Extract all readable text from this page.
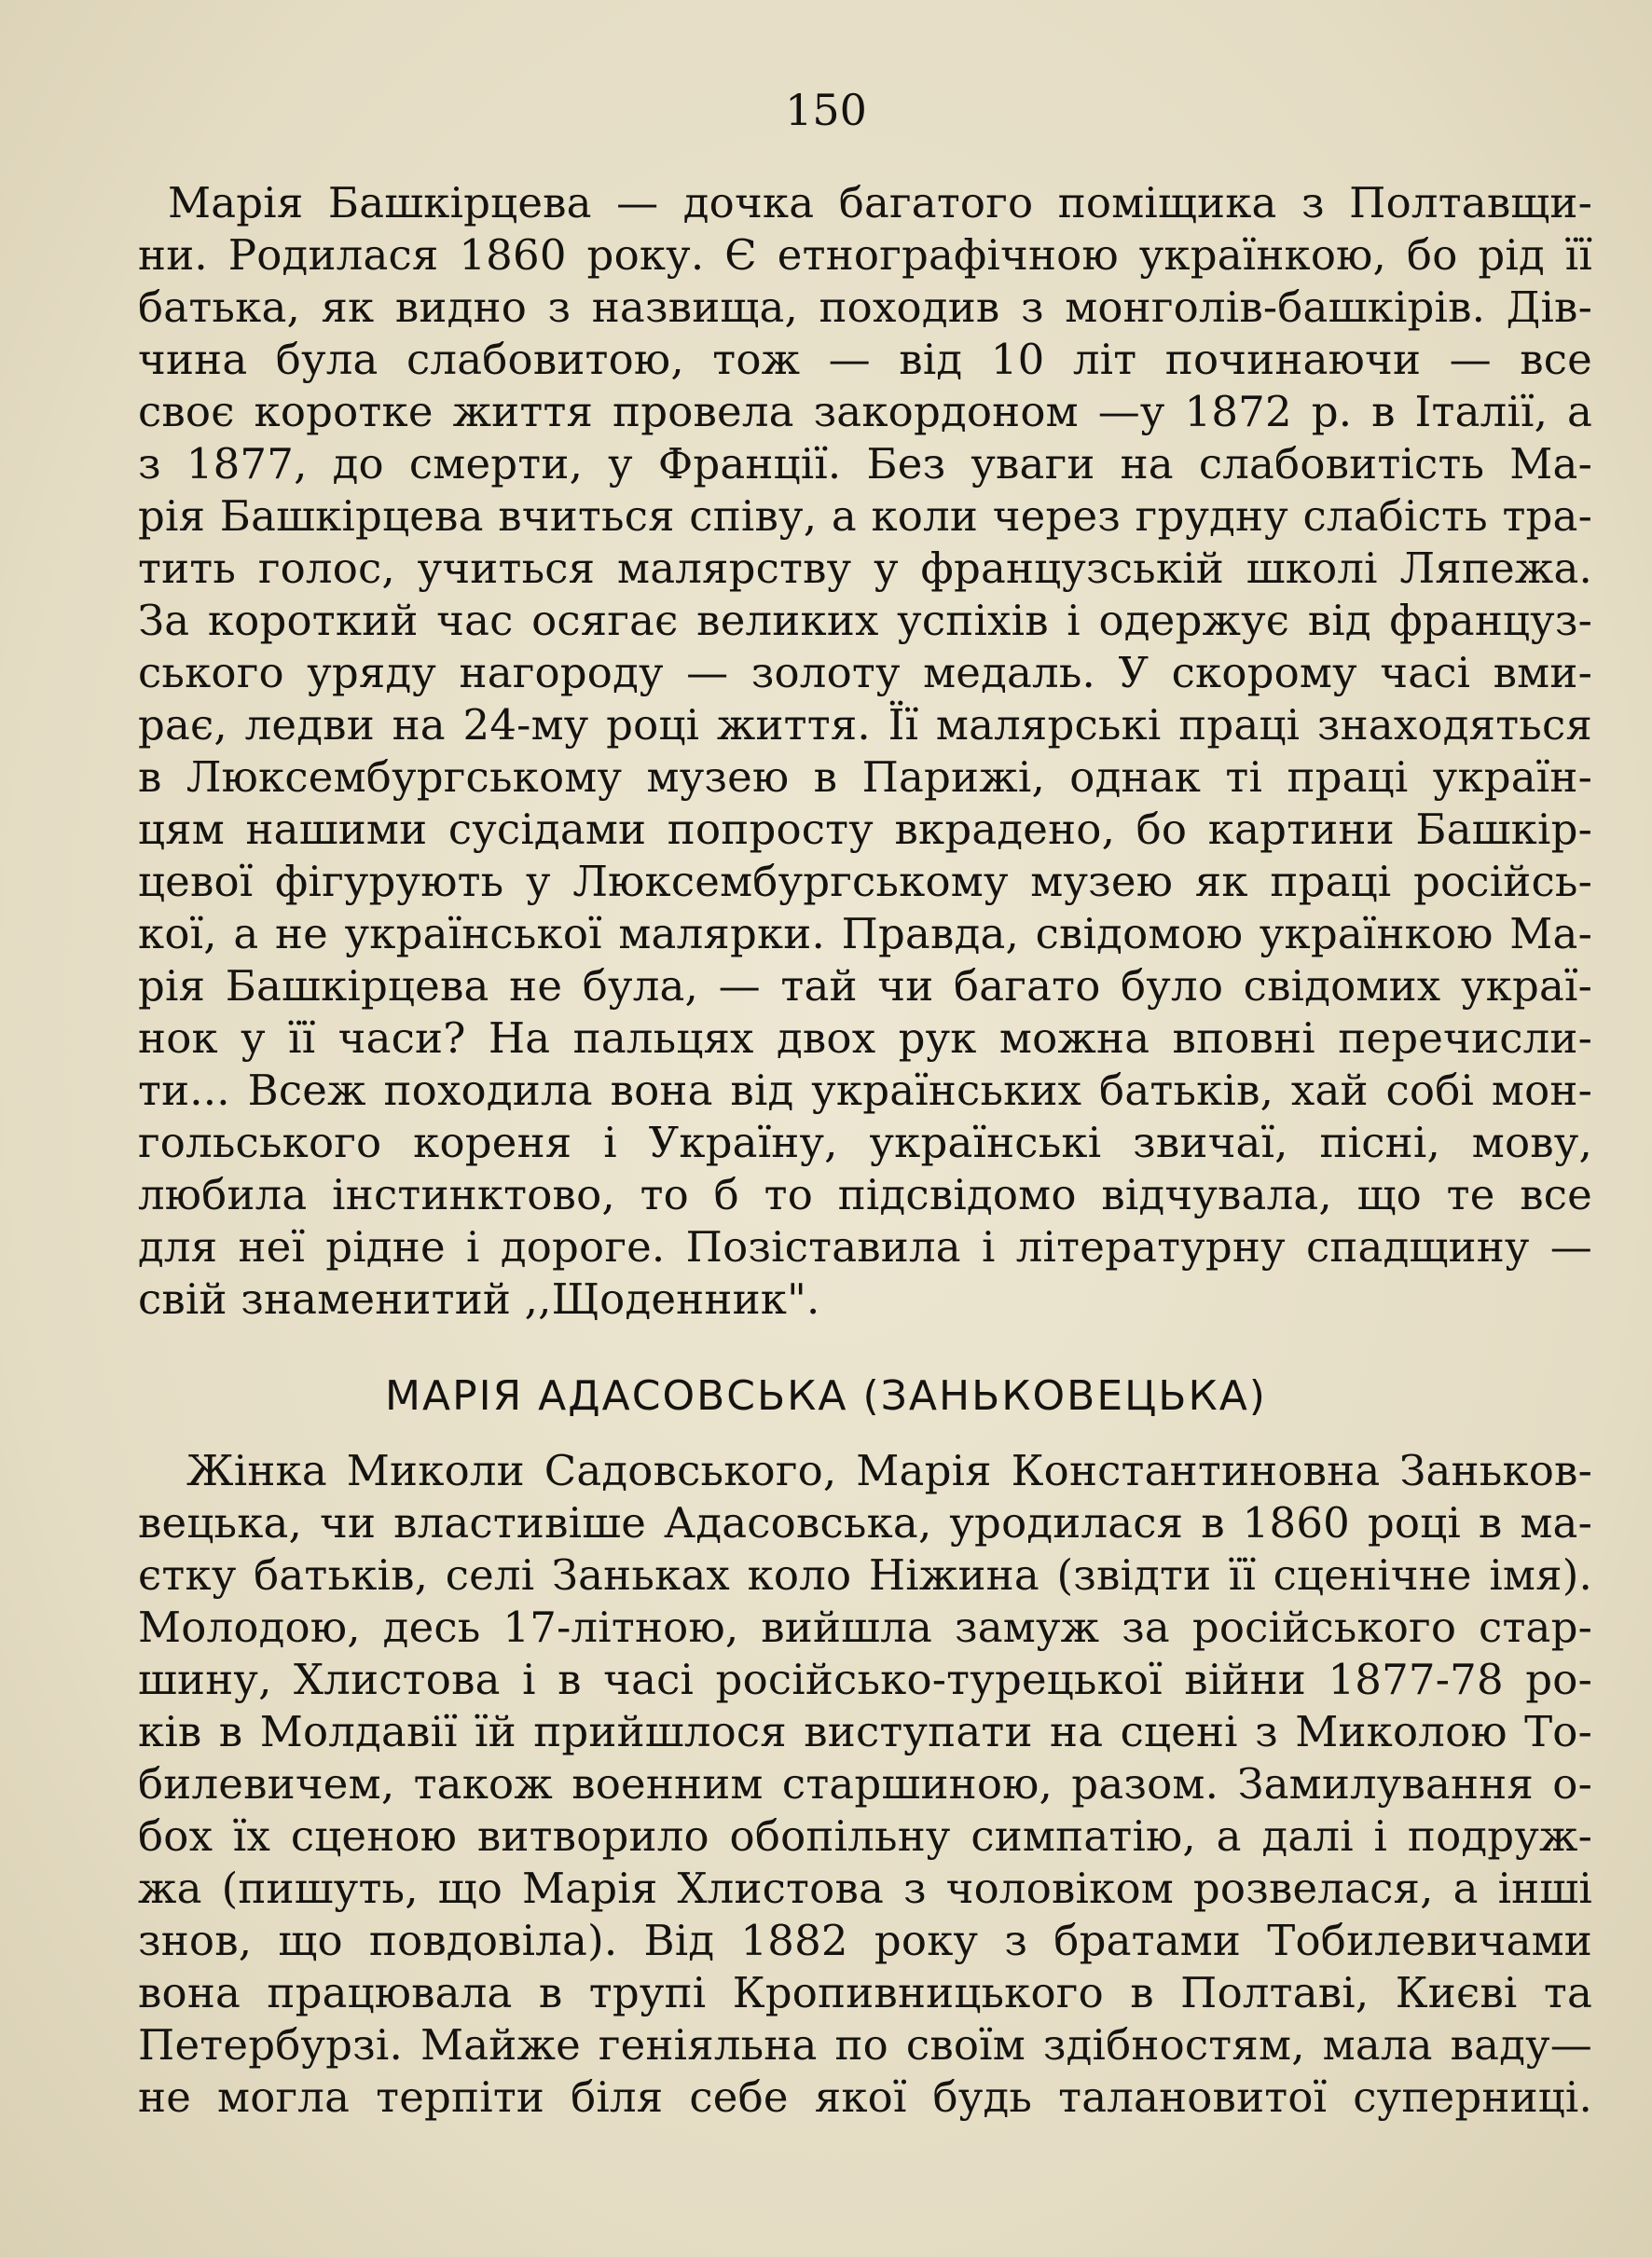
150
Марія Башкірцева — дочка багатого поміщика з Полтавщи-
ни. Родилася 1860 року. Є етнографічною українкою, бо рід її
батька, як видно з назвища, походив з монголів-башкірів. Дів-
чина була слабовитою, тож — від 10 літ починаючи — все
своє коротке життя провела закордоном —у 1872 р. в Італії, а
з 1877, до смерти, у Франції. Без уваги на слабовитість Ма-
рія Башкірцева вчиться співу, а коли через грудну слабість тра-
тить голос, учиться малярству у французській школі Ляпежа.
За короткий час осягає великих успіхів і одержує від француз-
ського уряду нагороду — золоту медаль. У скорому часі вми-
рає, ледви на 24-му році життя. Її малярські праці знаходяться
в Люксембургському музею в Парижі, однак ті праці україн-
цям нашими сусідами попросту вкрадено, бо картини Башкір-
цевої фігурують у Люксембургському музею як праці російсь-
кої, а не української малярки. Правда, свідомою українкою Ма-
рія Башкірцева не була, — тай чи багато було свідомих украї-
нок у її часи? На пальцях двох рук можна вповні перечисли-
ти... Всеж походила вона від українських батьків, хай собі мон-
гольського кореня і Україну, українські звичаї, пісні, мову,
любила інстинктово, то б то підсвідомо відчувала, що те все
для неї рідне і дороге. Позіставила і літературну спадщину —
свій знаменитий ,,Щоденник".
МАРІЯ АДАСОВСЬКА (ЗАНЬКОВЕЦЬКА)
Жінка Миколи Садовського, Марія Константиновна Заньков-
вецька, чи властивіше Адасовська, уродилася в 1860 році в ма-
єтку батьків, селі Заньках коло Ніжина (звідти її сценічне імя).
Молодою, десь 17-літною, вийшла замуж за російського стар-
шину, Хлистова і в часі російсько-турецької війни 1877-78 ро-
ків в Молдавії їй прийшлося виступати на сцені з Миколою То-
билевичем, також военним старшиною, разом. Замилування о-
бох їх сценою витворило обопільну симпатію, а далі і подруж-
жа (пишуть, що Марія Хлистова з чоловіком розвелася, а інші
знов, що повдовіла). Від 1882 року з братами Тобилевичами
вона працювала в трупі Кропивницького в Полтаві, Києві та
Петербурзі. Майже геніяльна по своїм здібностям, мала ваду—
не могла терпіти біля себе якої будь талановитої суперниці.
